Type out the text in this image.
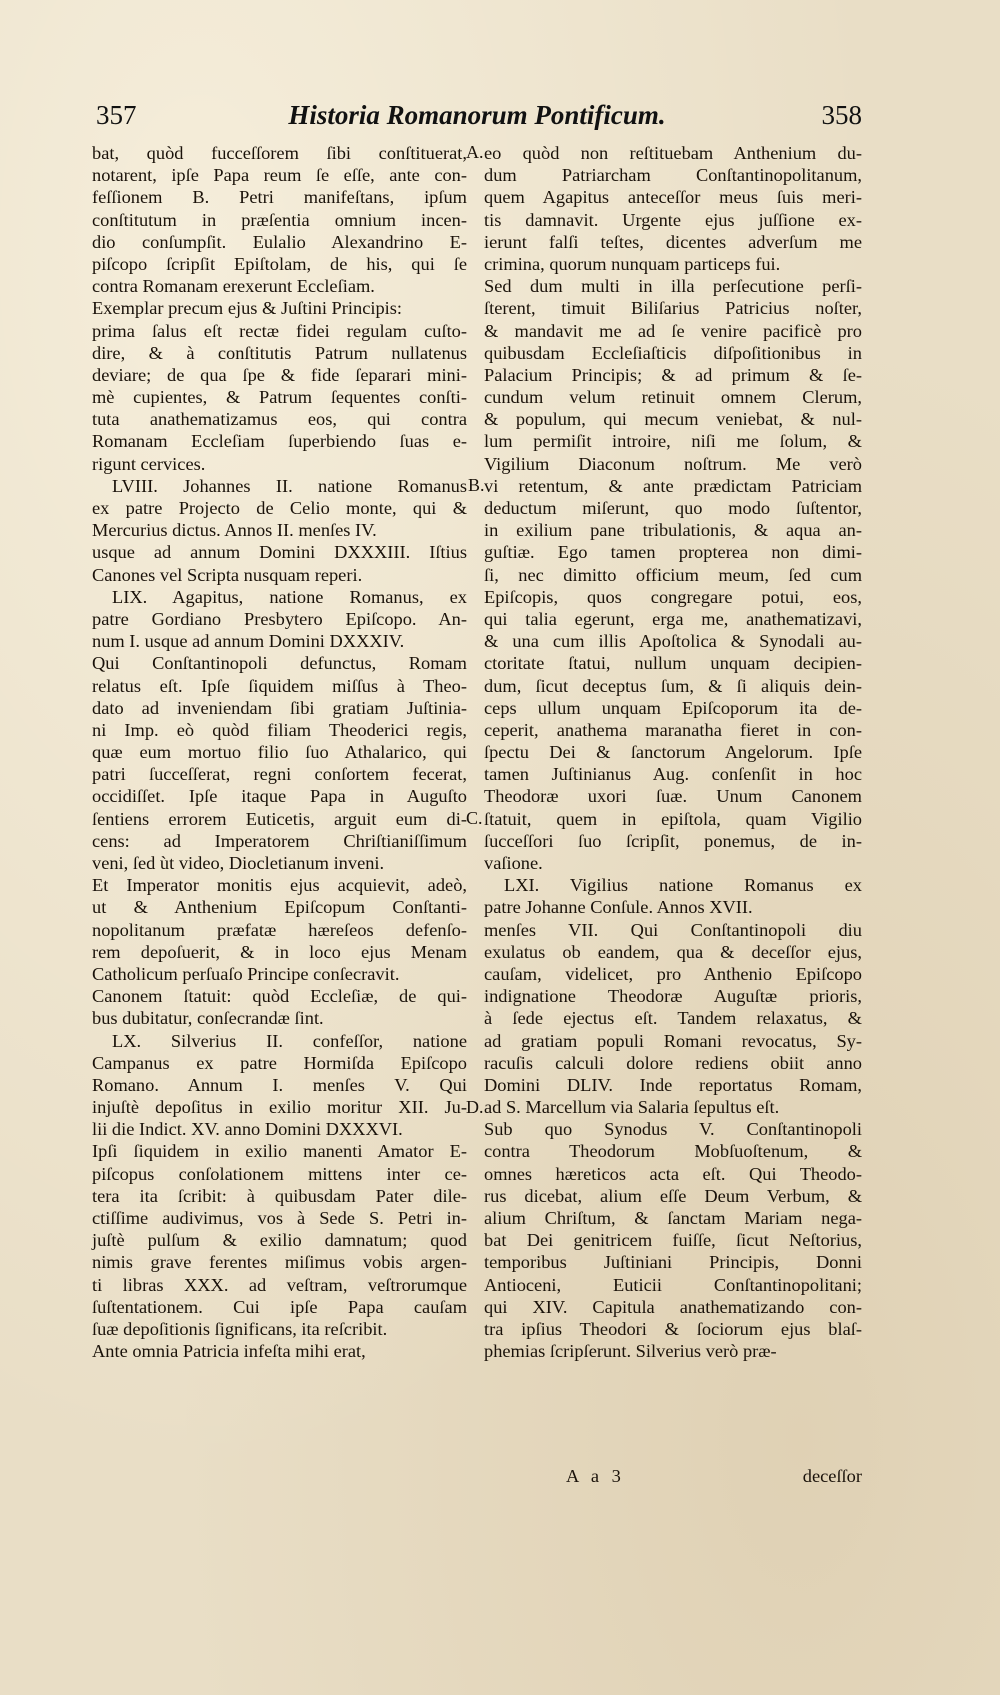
357	Historia Romanorum Pontificum.	358
bat, quòd fucceſſorem ſibi conſtituerat,
notarent, ipſe Papa reum ſe eſſe, ante con-
feſſionem B. Petri manifeſtans, ipſum
conſtitutum in præſentia omnium incen-
dio conſumpſit. Eulalio Alexandrino E-
piſcopo ſcripſit Epiſtolam, de his, qui ſe
contra Romanam erexerunt Eccleſiam.
Exemplar precum ejus & Juſtini Principis:
prima ſalus eſt rectæ fidei regulam cuſto-
dire, & à conſtitutis Patrum nullatenus
deviare; de qua ſpe & fide ſeparari mini-
mè cupientes, & Patrum ſequentes conſti-
tuta anathematizamus eos, qui contra
Romanam Eccleſiam ſuperbiendo ſuas e-
rigunt cervices.
LVIII. Johannes II. natione Romanus
ex patre Projecto de Celio monte, qui &
Mercurius dictus. Annos II. menſes IV.
usque ad annum Domini DXXXIII. Iſtius
Canones vel Scripta nusquam reperi.
LIX. Agapitus, natione Romanus, ex
patre Gordiano Presbytero Epiſcopo. An-
num I. usque ad annum Domini DXXXIV.
Qui Conſtantinopoli defunctus, Romam
relatus eſt. Ipſe ſiquidem miſſus à Theo-
dato ad inveniendam ſibi gratiam Juſtinia-
ni Imp. eò quòd filiam Theoderici regis,
quæ eum mortuo filio ſuo Athalarico, qui
patri ſucceſſerat, regni conſortem fecerat,
occidiſſet. Ipſe itaque Papa in Auguſto
ſentiens errorem Euticetis, arguit eum di-
cens: ad Imperatorem Chriſtianiſſimum
veni, ſed ùt video, Diocletianum inveni.
Et Imperator monitis ejus acquievit, adeò,
ut & Anthenium Epiſcopum Conſtanti-
nopolitanum præfatæ hæreſeos defenſo-
rem depoſuerit, & in loco ejus Menam
Catholicum perſuaſo Principe conſecravit.
Canonem ſtatuit: quòd Eccleſiæ, de qui-
bus dubitatur, conſecrandæ ſint.
LX. Silverius II. confeſſor, natione
Campanus ex patre Hormiſda Epiſcopo
Romano. Annum I. menſes V. Qui
injuſtè depoſitus in exilio moritur XII. Ju-
lii die Indict. XV. anno Domini DXXXVI.
Ipſi ſiquidem in exilio manenti Amator E-
piſcopus conſolationem mittens inter ce-
tera ita ſcribit: à quibusdam Pater dile-
ctiſſime audivimus, vos à Sede S. Petri in-
juſtè pulſum & exilio damnatum; quod
nimis grave ferentes miſimus vobis argen-
ti libras XXX. ad veſtram, veſtrorumque
ſuſtentationem. Cui ipſe Papa cauſam
ſuæ depoſitionis ſignificans, ita reſcribit.
Ante omnia Patricia infeſta mihi erat,
eo quòd non reſtituebam Anthenium du-
dum Patriarcham Conſtantinopolitanum,
quem Agapitus anteceſſor meus ſuis meri-
tis damnavit. Urgente ejus juſſione ex-
ierunt falſi teſtes, dicentes adverſum me
crimina, quorum nunquam particeps fui.
Sed dum multi in illa perſecutione perſi-
ſterent, timuit Biliſarius Patricius noſter,
& mandavit me ad ſe venire pacificè pro
quibusdam Eccleſiaſticis diſpoſitionibus in
Palacium Principis; & ad primum & ſe-
cundum velum retinuit omnem Clerum,
& populum, qui mecum veniebat, & nul-
lum permiſit introire, niſi me ſolum, &
Vigilium Diaconum noſtrum. Me verò
vi retentum, & ante prædictam Patriciam
deductum miſerunt, quo modo ſuſtentor,
in exilium pane tribulationis, & aqua an-
guſtiæ. Ego tamen propterea non dimi-
ſi, nec dimitto officium meum, ſed cum
Epiſcopis, quos congregare potui, eos,
qui talia egerunt, erga me, anathematizavi,
& una cum illis Apoſtolica & Synodali au-
ctoritate ſtatui, nullum unquam decipien-
dum, ſicut deceptus ſum, & ſi aliquis dein-
ceps ullum unquam Epiſcoporum ita de-
ceperit, anathema maranatha fieret in con-
ſpectu Dei & ſanctorum Angelorum. Ipſe
tamen Juſtinianus Aug. conſenſit in hoc
Theodoræ uxori ſuæ. Unum Canonem
ſtatuit, quem in epiſtola, quam Vigilio
ſucceſſori ſuo ſcripſit, ponemus, de in-
vaſione.
LXI. Vigilius natione Romanus ex
patre Johanne Conſule. Annos XVII.
menſes VII. Qui Conſtantinopoli diu
exulatus ob eandem, qua & deceſſor ejus,
cauſam, videlicet, pro Anthenio Epiſcopo
indignatione Theodoræ Auguſtæ prioris,
à ſede ejectus eſt. Tandem relaxatus, &
ad gratiam populi Romani revocatus, Sy-
racuſis calculi dolore rediens obiit anno
Domini DLIV. Inde reportatus Romam,
ad S. Marcellum via Salaria ſepultus eſt.
Sub quo Synodus V. Conſtantinopoli
contra Theodorum Mobſuoſtenum, &
omnes hæreticos acta eſt. Qui Theodo-
rus dicebat, alium eſſe Deum Verbum, &
alium Chriſtum, & ſanctam Mariam nega-
bat Dei genitricem fuiſſe, ſicut Neſtorius,
temporibus Juſtiniani Principis, Donni
Antioceni, Euticii Conſtantinopolitani;
qui XIV. Capitula anathematizando con-
tra ipſius Theodori & ſociorum ejus blaſ-
phemias ſcripſerunt. Silverius verò præ-
A.
B.
C.
D.
A a 3	deceſſor
